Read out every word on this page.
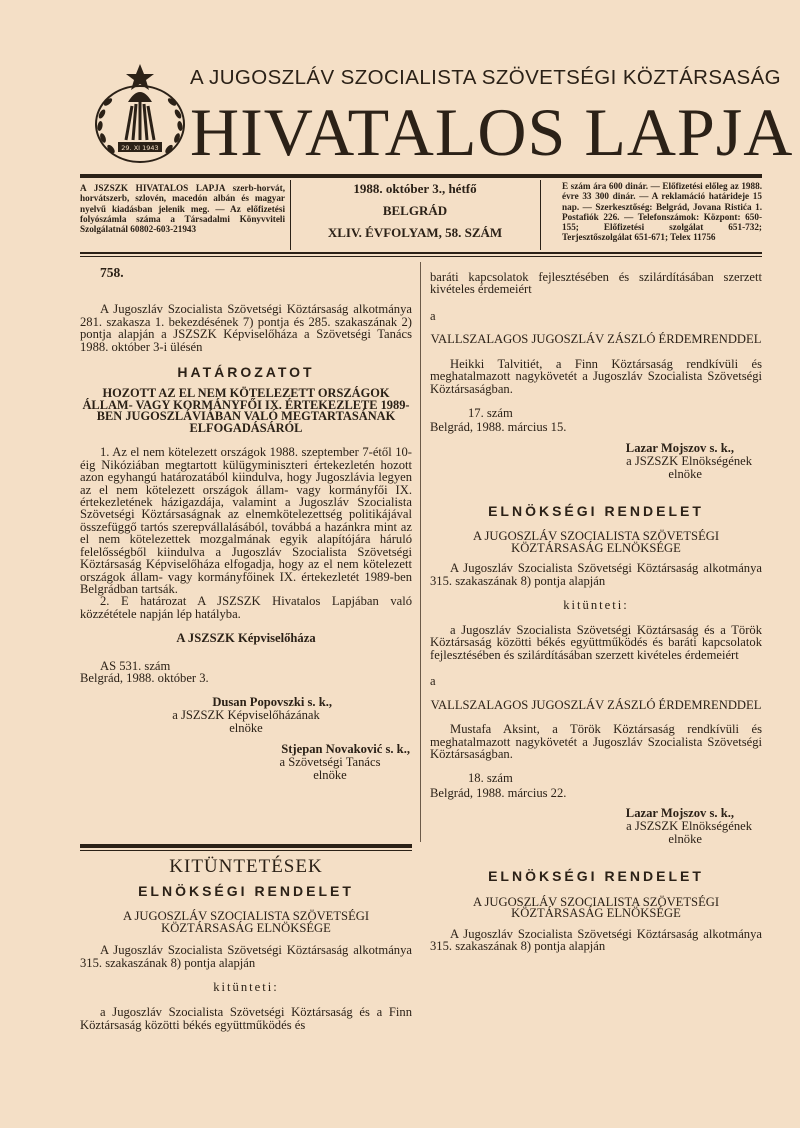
29. XI 1943
A JUGOSZLÁV SZOCIALISTA SZÖVETSÉGI KÖZTÁRSASÁG
HIVATALOS LAPJA
A JSZSZK HIVATALOS LAPJA szerb-horvát, horvátszerb, szlovén, macedón albán és magyar nyelvű kiadásban jelenik meg. — Az előfizetési folyószámla száma a Társadalmi Könyvviteli Szolgálatnál 60802-603-21943
1988. október 3., hétfő
BELGRÁD
XLIV. ÉVFOLYAM, 58. SZÁM
E szám ára 600 dinár. — Előfizetési előleg az 1988. évre 33 300 dinár. — A reklamáció határideje 15 nap. — Szerkesztőség: Belgrád, Jovana Ristića 1. Postafiók 226. — Telefonszámok: Központ: 650-155; Előfizetési szolgálat 651-732; Terjesztőszolgálat 651-671; Telex 11756

758.

A Jugoszláv Szocialista Szövetségi Köztársaság alkotmánya 281. szakasza 1. bekezdésének 7) pontja és 285. szakaszának 2) pontja alapján a JSZSZK Képviselőháza a Szövetségi Tanács 1988. október 3-i ülésén

HATÁROZATOT

HOZOTT AZ EL NEM KÖTELEZETT ORSZÁGOK ÁLLAM- VAGY KORMÁNYFŐI IX. ÉRTEKEZLETE 1989-BEN JUGOSZLÁVIÁBAN VALÓ MEGTARTASÁNAK ELFOGADÁSÁRÓL

1. Az el nem kötelezett országok 1988. szeptember 7-étől 10-éig Nikóziában megtartott külügyminiszteri értekezletén hozott azon egyhangú határozatából kiindulva, hogy Jugoszlávia legyen az el nem kötelezett országok állam- vagy kormányfői IX. értekezletének házigazdája, valamint a Jugoszláv Szocialista Szövetségi Köztársaságnak az elnemkötelezettség politikájával összefüggő tartós szerepvállalásából, továbbá a hazánkra mint az el nem kötelezettek mozgalmának egyik alapítójára háruló felelősségből kiindulva a Jugoszláv Szocialista Szövetségi Köztársaság Képviselőháza elfogadja, hogy az el nem kötelezett országok állam- vagy kormányfőinek IX. értekezletét 1989-ben Belgrádban tartsák.

2. E határozat A JSZSZK Hivatalos Lapjában való közzététele napján lép hatályba.

A JSZSZK Képviselőháza

AS 531. szám

Belgrád, 1988. október 3.

Dusan Popovszki s. k.,
a JSZSZK Képviselőházának
elnöke
Stjepan Novaković s. k.,
a Szövetségi Tanács
elnöke

KITÜNTETÉSEK

ELNÖKSÉGI RENDELET

A JUGOSZLÁV SZOCIALISTA SZÖVETSÉGI KÖZTÁRSASÁG ELNÖKSÉGE

A Jugoszláv Szocialista Szövetségi Köztársaság alkotmánya 315. szakaszának 8) pontja alapján

kitünteti:

a Jugoszláv Szocialista Szövetségi Köztársaság és a Finn Köztársaság közötti békés együttműködés és

baráti kapcsolatok fejlesztésében és szilárdításában szerzett kivételes érdemeiért

a

VALLSZALAGOS JUGOSZLÁV ZÁSZLÓ ÉRDEMRENDDEL

Heikki Talvitiét, a Finn Köztársaság rendkívüli és meghatalmazott nagykövetét a Jugoszláv Szocialista Szövetségi Köztársaságban.

17. szám

Belgrád, 1988. március 15.

Lazar Mojszov s. k.,
a JSZSZK Elnökségének
elnöke

ELNÖKSÉGI RENDELET

A JUGOSZLÁV SZOCIALISTA SZÖVETSÉGI KÖZTÁRSASÁG ELNÖKSÉGE

A Jugoszláv Szocialista Szövetségi Köztársaság alkotmánya 315. szakaszának 8) pontja alapján

kitünteti:

a Jugoszláv Szocialista Szövetségi Köztársaság és a Török Köztársaság közötti békés együttműködés és baráti kapcsolatok fejlesztésében és szilárdításában szerzett kivételes érdemeiért

a

VALLSZALAGOS JUGOSZLÁV ZÁSZLÓ ÉRDEMRENDDEL

Mustafa Aksint, a Török Köztársaság rendkívüli és meghatalmazott nagykövetét a Jugoszláv Szocialista Szövetségi Köztársaságban.

18. szám

Belgrád, 1988. március 22.

Lazar Mojszov s. k.,
a JSZSZK Elnökségének
elnöke

ELNÖKSÉGI RENDELET

A JUGOSZLÁV SZOCIALISTA SZÖVETSÉGI KÖZTÁRSASÁG ELNÖKSÉGE

A Jugoszláv Szocialista Szövetségi Köztársaság alkotmánya 315. szakaszának 8) pontja alapján
